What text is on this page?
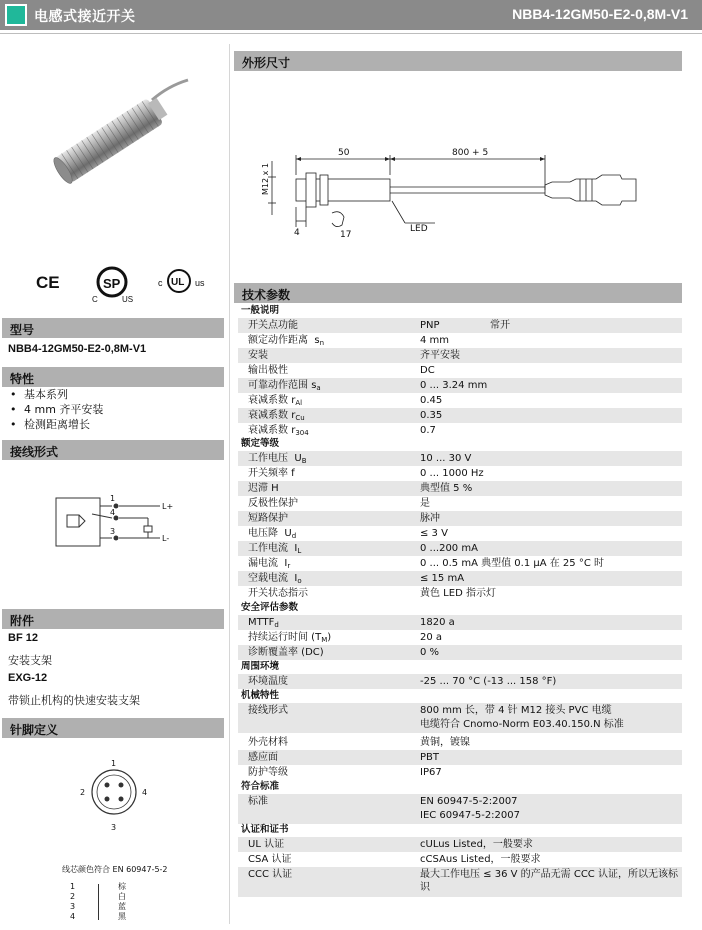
电感式接近开关	NBB4-12GM50-E2-0,8M-V1
CE	SP
C	US
c UL us
型号
NBB4-12GM50-E2-0,8M-V1
特性
• 基本系列
• 4 mm 齐平安装
• 检测距离增长
接线形式
1
4
3
L+
L-
附件
BF 12
安装支架
EXG-12
带锁止机构的快速安装支架
针脚定义
1
2
3
4
线芯颜色符合 EN 60947-5-2
1	棕
2	白
3	蓝
4	黑
外形尺寸
M12 x 1
50	800 + 5
4	17
LED
技术参数
一般说明
开关点功能	PNP	常开
额定动作距离 $s_n$	4 mm
安装	齐平安装
输出极性	DC
可靠动作范围 $s_a$	0 ... 3.24 mm
衰减系数 $r_{Al}$	0.45
衰减系数 $r_{Cu}$	0.35
衰减系数 $r_{304}$	0.7
额定等级
工作电压 $U_B$	10 ... 30 V
开关频率 f	0 ... 1000 Hz
迟滞 H	典型值 5 %
反极性保护	是
短路保护	脉冲
电压降 $U_d$	≤ 3 V
工作电流 $I_L$	0 ...200 mA
漏电流 $I_r$	0 ... 0.5 mA 典型值 0.1 µA 在 25 °C 时
空载电流 $I_o$	≤ 15 mA
开关状态指示	黄色 LED 指示灯
安全评估参数
$MTTF_d$	1820 a
持续运行时间 $(T_M)$	20 a
诊断覆盖率 (DC)	0 %
周围环境
环境温度	-25 ... 70 °C (-13 ... 158 °F)
机械特性
接线形式	800 mm 长，带 4 针 M12 接头 PVC 电缆
电缆符合 Cnomo-Norm E03.40.150.N 标准
外壳材料	黄铜，镀镍
感应面	PBT
防护等级	IP67
符合标准
标准	EN 60947-5-2:2007
IEC 60947-5-2:2007
认证和证书
UL 认证	cULus Listed，一般要求
CSA 认证	cCSAus Listed，一般要求
CCC 认证	最大工作电压 ≤ 36 V 的产品无需 CCC 认证，所以无该标识
